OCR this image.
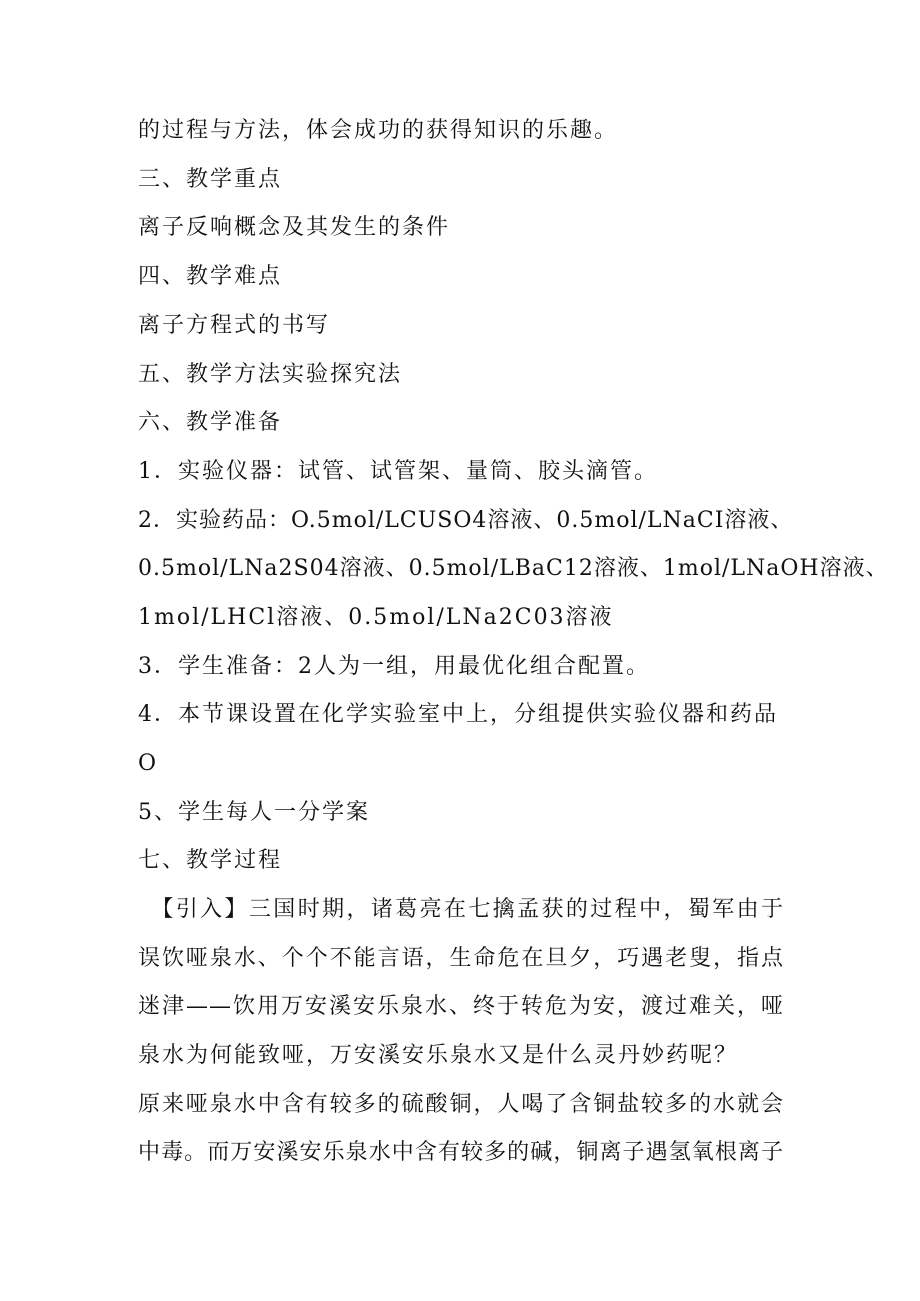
的过程与方法，体会成功的获得知识的乐趣。
三、教学重点
离子反响概念及其发生的条件
四、教学难点
离子方程式的书写
五、教学方法实验探究法
六、教学准备
1．实验仪器：试管、试管架、量筒、胶头滴管。
2．实验药品：O.5mol/LCUSO4溶液、0.5mol∕LNaCI溶液、
0.5mol∕LNa2S04溶液、0.5mol∕LBaC12溶液、1mol/LNaOH溶液、
1mol/LHCl溶液、0.5mol/LNa2C03溶液
3．学生准备：2人为一组，用最优化组合配置。
4．本节课设置在化学实验室中上，分组提供实验仪器和药品
O
5、学生每人一分学案
七、教学过程
　【引入】三国时期，诸葛亮在七擒孟获的过程中，蜀军由于
误饮哑泉水、个个不能言语，生命危在旦夕，巧遇老叟，指点
迷津——饮用万安溪安乐泉水、终于转危为安，渡过难关，哑
泉水为何能致哑，万安溪安乐泉水又是什么灵丹妙药呢？
原来哑泉水中含有较多的硫酸铜，人喝了含铜盐较多的水就会
中毒。而万安溪安乐泉水中含有较多的碱，铜离子遇氢氧根离子
